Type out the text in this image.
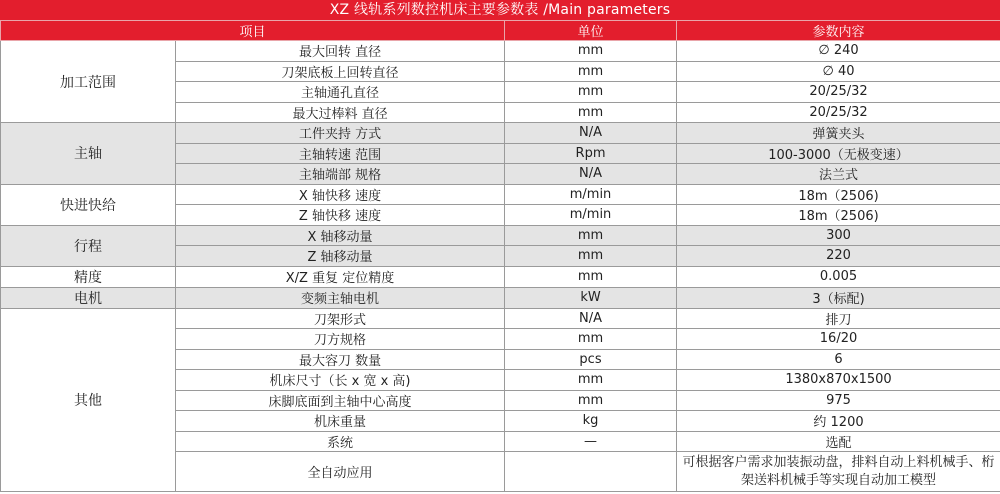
XZ 线轨系列数控机床主要参数表 /Main parameters
项目		单位	参数内容
加工范围	最大回转 直径	mm	∅ 240
	刀架底板上回转直径	mm	∅ 40
	主轴通孔直径	mm	20/25/32
	最大过棒料 直径	mm	20/25/32
主轴	工件夹持 方式	N/A	弹簧夹头
	主轴转速 范围	Rpm	100-3000（无极变速）
	主轴端部 规格	N/A	法兰式
快进快给	X 轴快移 速度	m/min	18m（2506)
	Z 轴快移 速度	m/min	18m（2506)
行程	X 轴移动量	mm	300
	Z 轴移动量	mm	220
精度	X/Z 重复 定位精度	mm	0.005
电机	变频主轴电机	kW	3（标配)
其他	刀架形式	N/A	排刀
	刀方规格	mm	16/20
	最大容刀 数量	pcs	6
	机床尺寸（长 x 宽 x 高)	mm	1380x870x1500
	床脚底面到主轴中心高度	mm	975
	机床重量	kg	约 1200
	系统	—	选配
	全自动应用		可根据客户需求加装振动盘，排料自动上料机械手、桁架送料机械手等实现自动加工模型
